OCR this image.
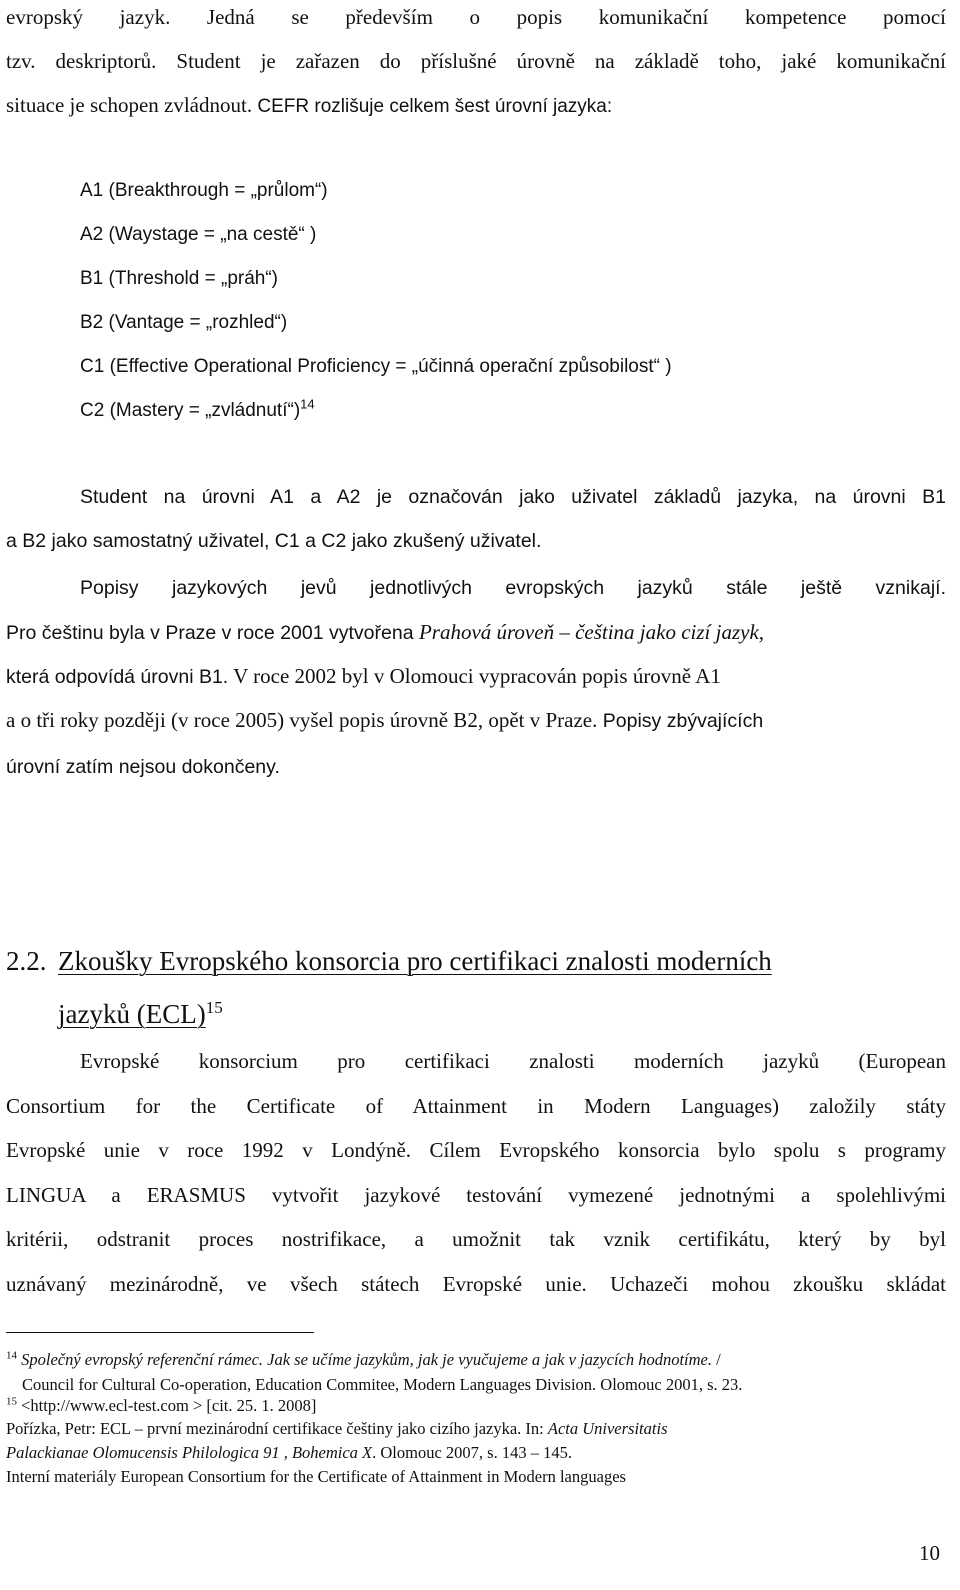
evropský jazyk. Jedná se především o popis komunikační kompetence pomocí
tzv. deskriptorů. Student je zařazen do příslušné úrovně na základě toho, jaké komunikační
situace je schopen zvládnout. CEFR rozlišuje celkem šest úrovní jazyka:
A1 (Breakthrough = „průlom“)
A2 (Waystage = „na cestě“ )
B1 (Threshold = „práh“)
B2 (Vantage = „rozhled“)
C1 (Effective Operational Proficiency = „účinná operační způsobilost“ )
C2 (Mastery = „zvládnutí“)$^{14}$
Student na úrovni A1 a A2 je označován jako uživatel základů jazyka, na úrovni B1
a B2 jako samostatný uživatel, C1 a C2 jako zkušený uživatel.
Popisy jazykových jevů jednotlivých evropských jazyků stále ještě vznikají.
Pro češtinu byla v Praze v roce 2001 vytvořena Prahová úroveň – čeština jako cizí jazyk,
která odpovídá úrovni B1. V roce 2002 byl v Olomouci vypracován popis úrovně A1
a o tři roky později (v roce 2005) vyšel popis úrovně B2, opět v Praze. Popisy zbývajících
úrovní zatím nejsou dokončeny.
2.2. Zkoušky Evropského konsorcia pro certifikaci znalosti moderních
jazyků (ECL)$^{15}$
Evropské konsorcium pro certifikaci znalosti moderních jazyků (European
Consortium for the Certificate of Attainment in Modern Languages) založily státy
Evropské unie v roce 1992 v Londýně. Cílem Evropského konsorcia bylo spolu s programy
LINGUA a ERASMUS vytvořit jazykové testování vymezené jednotnými a spolehlivými
kritérii, odstranit proces nostrifikace, a umožnit tak vznik certifikátu, který by byl
uznávaný mezinárodně, ve všech státech Evropské unie. Uchazeči mohou zkoušku skládat
$^{14}$ Společný evropský referenční rámec. Jak se učíme jazykům, jak je vyučujeme a jak v jazycích hodnotíme. /
Council for Cultural Co-operation, Education Commitee, Modern Languages Division. Olomouc 2001, s. 23.
$^{15}$ <http://www.ecl-test.com > [cit. 25. 1. 2008]
Pořízka, Petr: ECL – první mezinárodní certifikace češtiny jako cizího jazyka. In: Acta Universitatis
Palackianae Olomucensis Philologica 91 , Bohemica X. Olomouc 2007, s. 143 – 145.
Interní materiály European Consortium for the Certificate of Attainment in Modern languages
10
